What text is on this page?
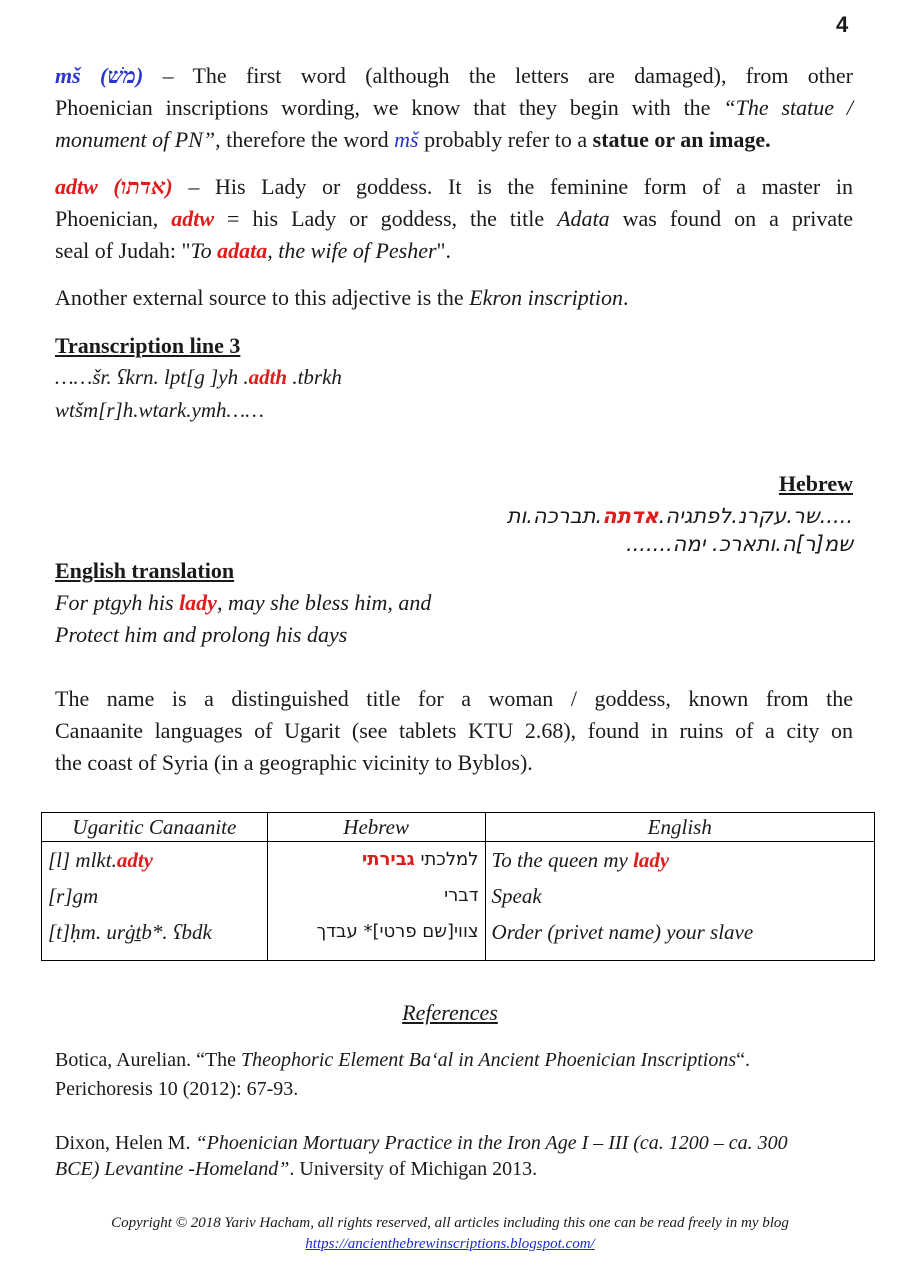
4
mš (משׁ) – The first word (although the letters are damaged), from other
Phoenician inscriptions wording, we know that they begin with the “The statue /
monument of PN”, therefore the word mš probably refer to a statue or an image.
adtw (אדתו) – His Lady or goddess. It is the feminine form of a master in
Phoenician, adtw = his Lady or goddess, the title Adata was found on a private
seal of Judah: "To adata, the wife of Pesher".
Another external source to this adjective is the Ekron inscription.
Transcription line 3
……šr. ʕkrn. lpt[g ]yh .adth .tbrkh
wtšm[r]h.wtark.ymh……
Hebrew
.....שר.עקרנ.לפתגיה.אדתה.תברכה.ות
שמ[ר]ה.ותארכ. ימה.......
English translation
For ptgyh his lady, may she bless him, and
Protect him and prolong his days
The name is a distinguished title for a woman / goddess, known from the
Canaanite languages of Ugarit (see tablets KTU 2.68), found in ruins of a city on
the coast of Syria (in a geographic vicinity to Byblos).
Ugaritic Canaanite	Hebrew	English
[l] mlkt.adty	למלכתי גבירתי	To the queen my lady
[r]gm	דברי	Speak
[t]ḥm. urġṯb*. ʕbdk	צווי[שם פרטי]* עבדך	Order (privet name) your slave
References
Botica, Aurelian. “The Theophoric Element Ba‘al in Ancient Phoenician Inscriptions“.
Perichoresis 10 (2012): 67-93.
Dixon, Helen M. “Phoenician Mortuary Practice in the Iron Age I – III (ca. 1200 – ca. 300
BCE) Levantine -Homeland”. University of Michigan 2013.
Copyright © 2018 Yariv Hacham, all rights reserved, all articles including this one can be read freely in my blog
https://ancienthebrewinscriptions.blogspot.com/
